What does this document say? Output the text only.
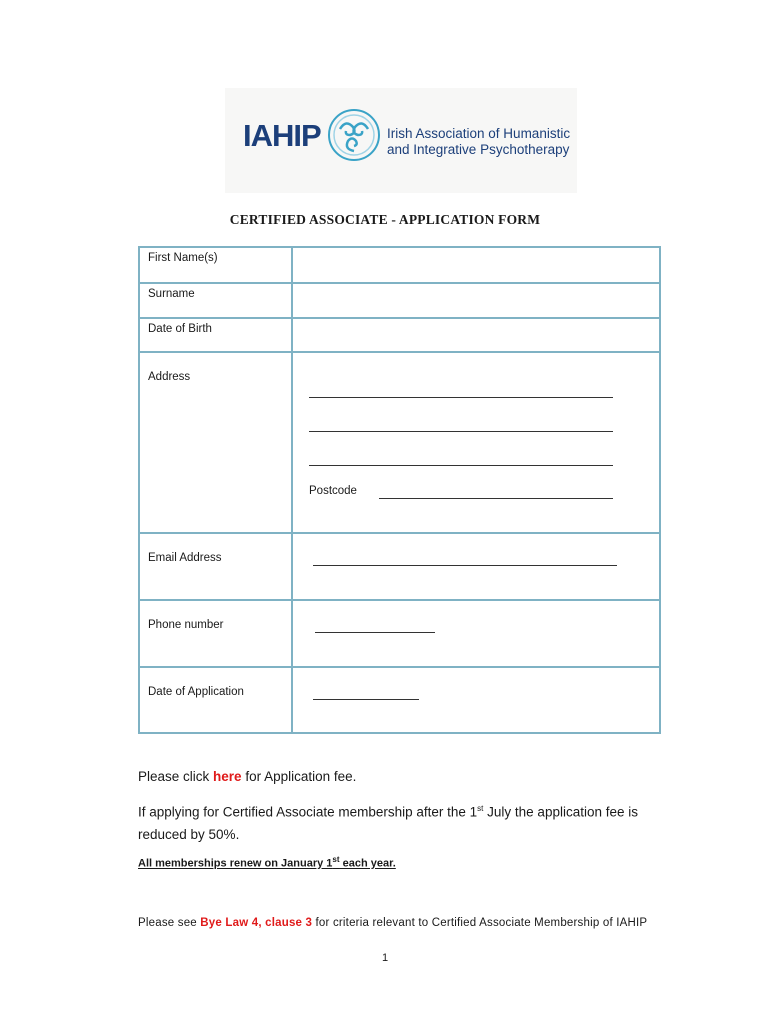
IAHIP	Irish Association of Humanistic
and Integrative Psychotherapy
CERTIFIED ASSOCIATE - APPLICATION FORM
First Name(s)	
Surname	
Date of Birth	
Address	Postcode

Email Address	

Phone number	

Date of Application	
Please click here for Application fee.
If applying for Certified Associate membership after the 1st July the application fee is
reduced by 50%.
All memberships renew on January 1st each year.
Please see Bye Law 4, clause 3 for criteria relevant to Certified Associate Membership of IAHIP
1
